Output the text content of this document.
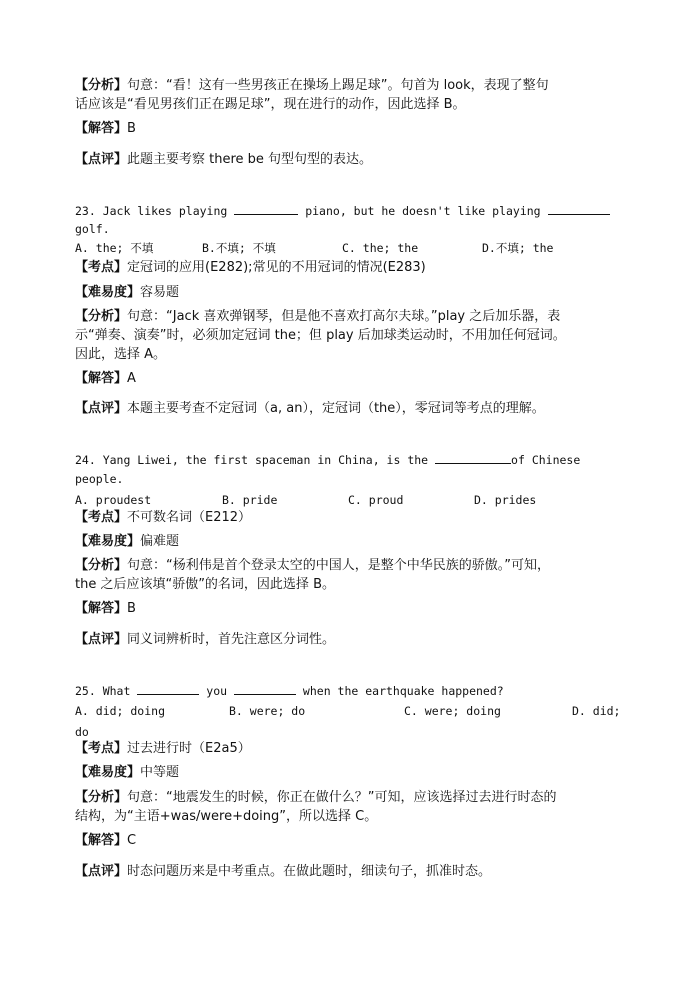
【分析】句意：“看！这有一些男孩正在操场上踢足球”。句首为 look，表现了整句
话应该是“看见男孩们正在踢足球”，现在进行的动作，因此选择 B。
【解答】B
【点评】此题主要考察 there be 句型句型的表达。
23. Jack likes playing	piano, but he doesn't like playing
golf.
A. the; 不填	B.不填; 不填	C. the; the	D.不填; the
【考点】定冠词的应用(E282);常见的不用冠词的情况(E283)
【难易度】容易题
【分析】句意：“Jack 喜欢弹钢琴，但是他不喜欢打高尔夫球。”play 之后加乐器，表
示“弹奏、演奏”时，必须加定冠词 the；但 play 后加球类运动时，不用加任何冠词。
因此，选择 A。
【解答】A
【点评】本题主要考查不定冠词（a, an），定冠词（the），零冠词等考点的理解。
24. Yang Liwei, the first spaceman in China, is the	of Chinese
people.
A. proudest	B. pride	C. proud	D. prides
【考点】不可数名词（E212）
【难易度】偏难题
【分析】句意：“杨利伟是首个登录太空的中国人，是整个中华民族的骄傲。”可知，
the 之后应该填“骄傲”的名词，因此选择 B。
【解答】B
【点评】同义词辨析时，首先注意区分词性。
25. What	you	when the earthquake happened?
A. did; doing	B. were; do	C. were; doing	D. did;
do
【考点】过去进行时（E2a5）
【难易度】中等题
【分析】句意：“地震发生的时候，你正在做什么？”可知，应该选择过去进行时态的
结构，为“主语+was/were+doing”，所以选择 C。
【解答】C
【点评】时态问题历来是中考重点。在做此题时，细读句子，抓准时态。
